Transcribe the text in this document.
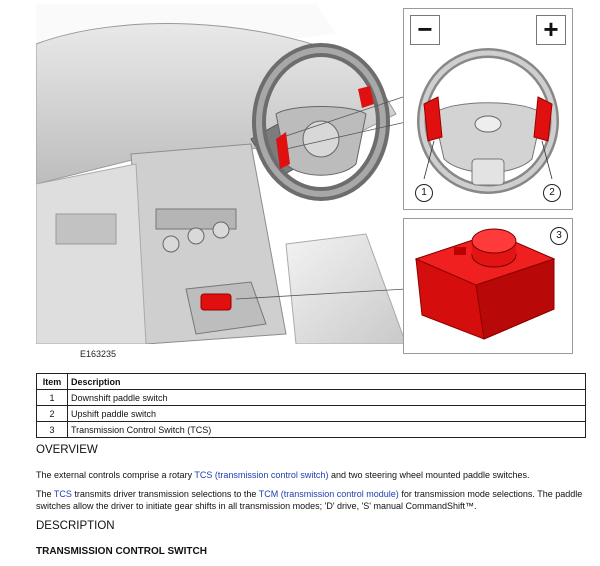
E163235
−	+
1	2
3
Item	Description
1	Downshift paddle switch
2	Upshift paddle switch
3	Transmission Control Switch (TCS)
OVERVIEW

The external controls comprise a rotary TCS (transmission control switch) and two steering wheel mounted paddle switches.

The TCS transmits driver transmission selections to the TCM (transmission control module) for transmission mode selections. The paddle switches allow the driver to initiate gear shifts in all transmission modes; 'D' drive, 'S' manual CommandShift™.

DESCRIPTION
TRANSMISSION CONTROL SWITCH
